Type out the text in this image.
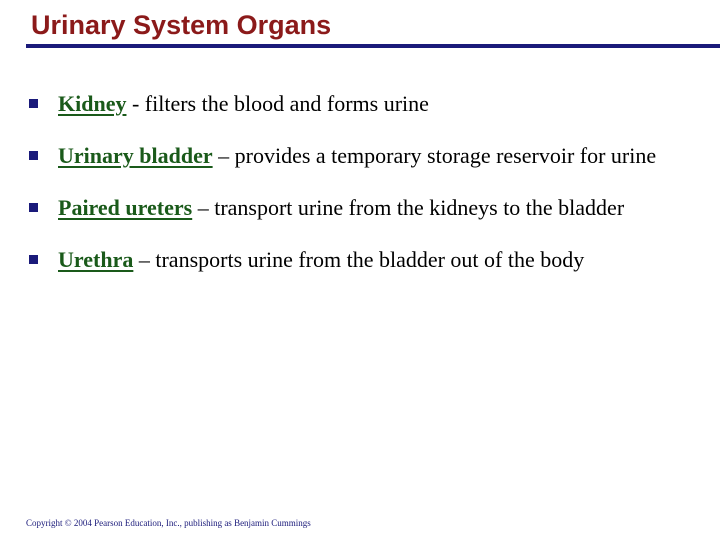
Urinary System Organs
Kidney - filters the blood and forms urine
Urinary bladder – provides a temporary storage reservoir for urine
Paired ureters – transport urine from the kidneys to the bladder
Urethra – transports urine from the bladder out of the body
Copyright © 2004 Pearson Education, Inc., publishing as Benjamin Cummings
